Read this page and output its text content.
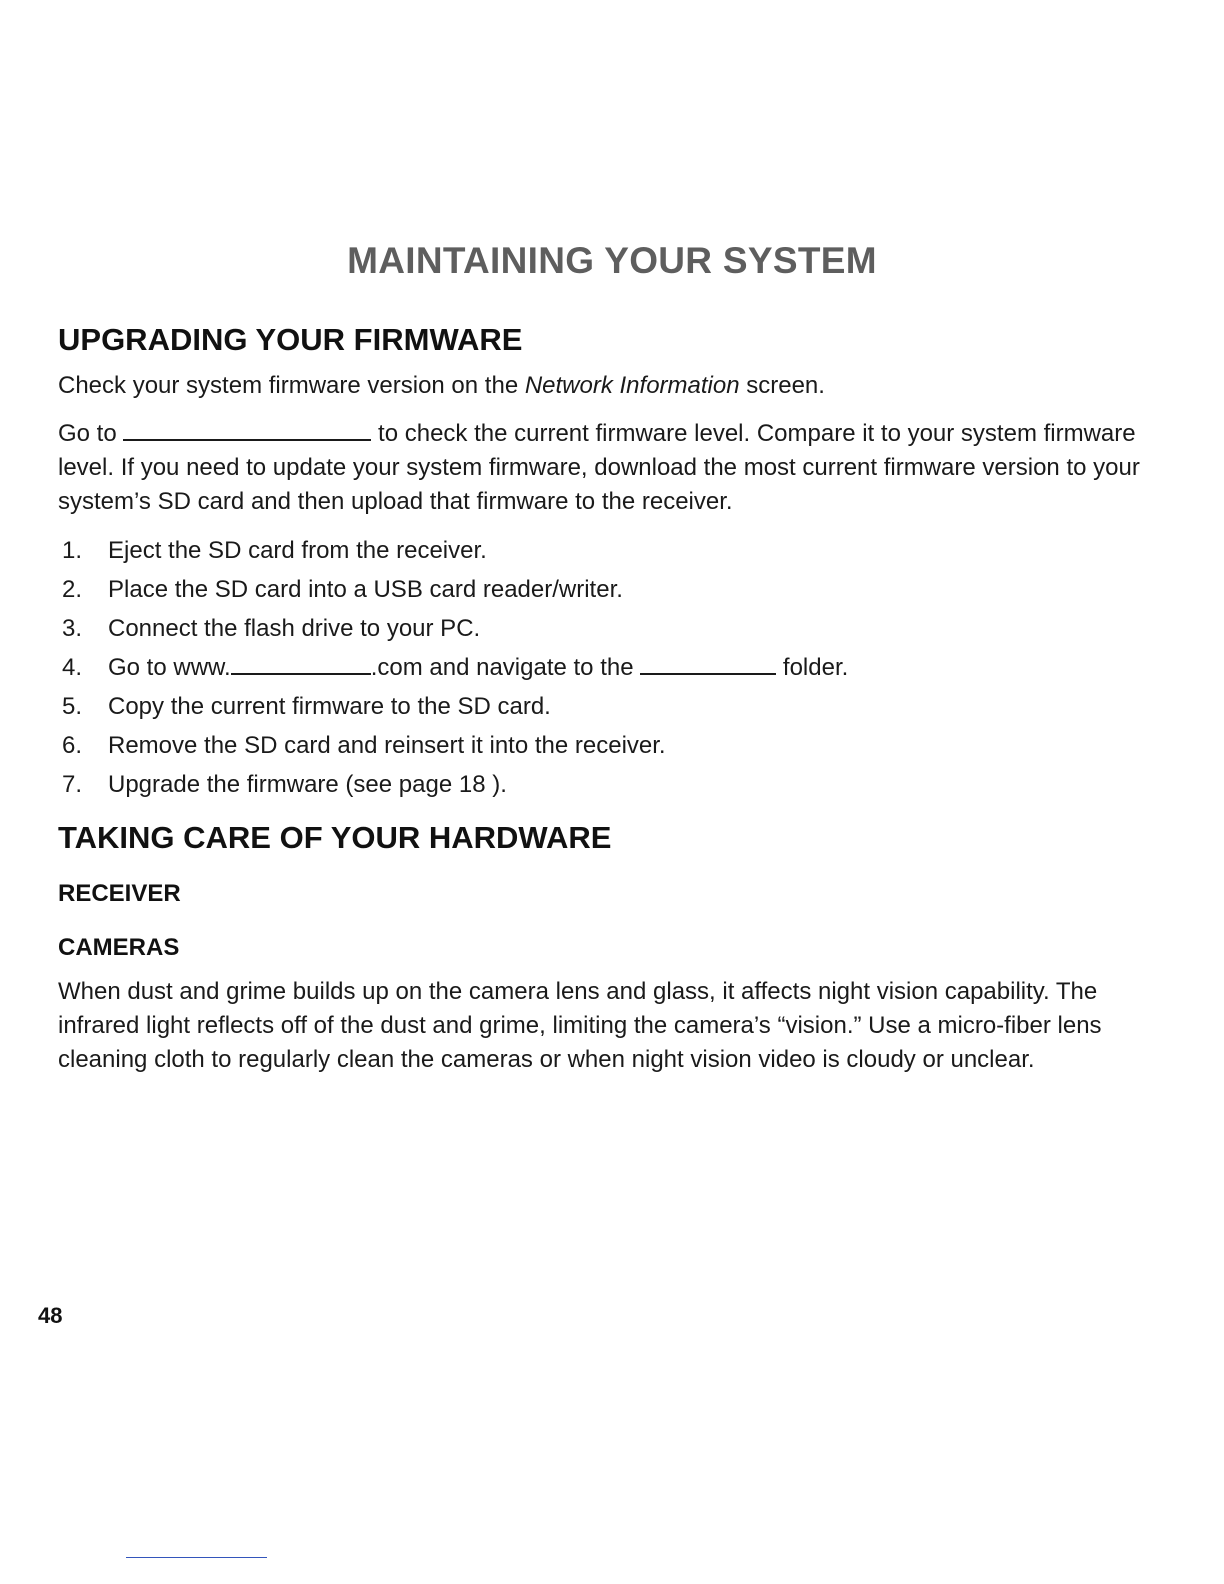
MAINTAINING YOUR SYSTEM
UPGRADING YOUR FIRMWARE
Check your system firmware version on the Network Information screen.
Go to	to check the current firmware level. Compare it to your system firmware level. If you need to update your system firmware, download the most current firmware version to your system’s SD card and then upload that firmware to the receiver.
1.	Eject the SD card from the receiver.
2.	Place the SD card into a USB card reader/writer.
3.	Connect the flash drive to your PC.
4.	Go to www.	.com and navigate to the	folder.
5.	Copy the current firmware to the SD card.
6.	Remove the SD card and reinsert it into the receiver.
7.	Upgrade the firmware (see page 18 ).
TAKING CARE OF YOUR HARDWARE
RECEIVER
CAMERAS
When dust and grime builds up on the camera lens and glass, it affects night vision capability. The infrared light reflects off of the dust and grime, limiting the camera’s “vision.” Use a micro-fiber lens cleaning cloth to regularly clean the cameras or when night vision video is cloudy or unclear.
48
